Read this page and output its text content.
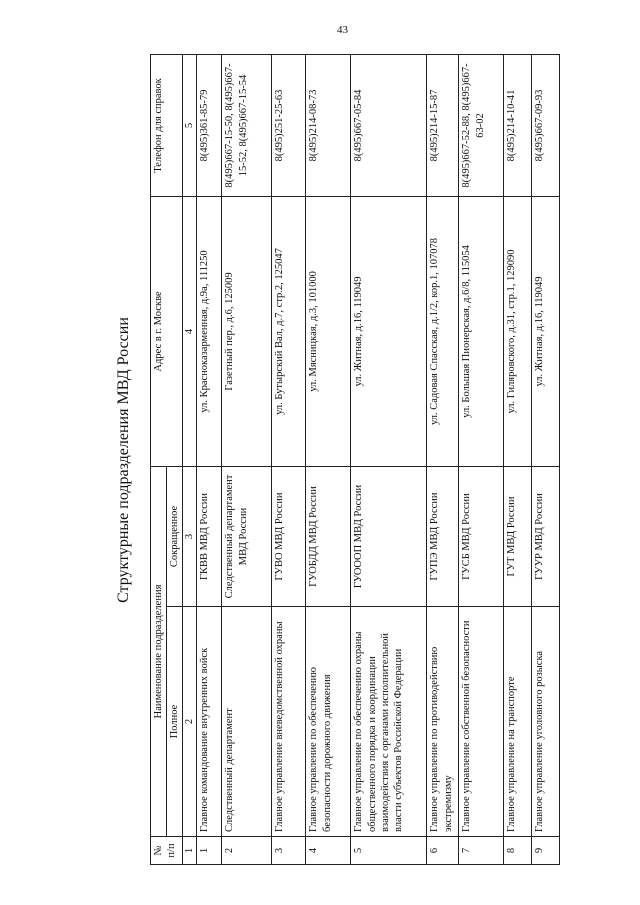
43
Структурные подразделения МВД России
№ п/п	Наименование подразделения		Адрес в г. Москве	Телефон для справок
	Полное	Сокращенное		
1	2	3	4	5
1	Главное командование внутренних войск	ГКВВ МВД России	ул. Красноказарменная, д.9а, 111250	8(495)361-85-79
2	Следственный департамент	Следственный департамент МВД России	Газетный пер., д.6, 125009	8(495)667-15-50, 8(495)667-15-52, 8(495)667-15-54
3	Главное управление вневедомственной охраны	ГУВО МВД России	ул. Бутырский Вал, д.7, стр.2, 125047	8(495)251-25-63
4	Главное управление по обеспечению безопасности дорожного движения	ГУОБДД МВД России	ул. Мясницкая, д.3, 101000	8(495)214-08-73
5	Главное управление по обеспечению охраны общественного порядка и координации взаимодействия с органами исполнительной власти субъектов Российской Федерации	ГУОООП МВД России	ул. Житная, д.16, 119049	8(495)667-05-84
6	Главное управление по противодействию экстремизму	ГУПЭ МВД России	ул. Садовая Спасская, д.1/2, кор.1, 107078	8(495)214-15-87
7	Главное управление собственной безопасности	ГУСБ МВД России	ул. Большая Пионерская, д.6/8, 115054	8(495)667-52-88, 8(495)667-63-02
8	Главное управление на транспорте	ГУТ МВД России	ул. Гиляровского, д.31, стр.1, 129090	8(495)214-10-41
9	Главное управление уголовного розыска	ГУУР МВД России	ул. Житная, д.16, 119049	8(495)667-09-93
